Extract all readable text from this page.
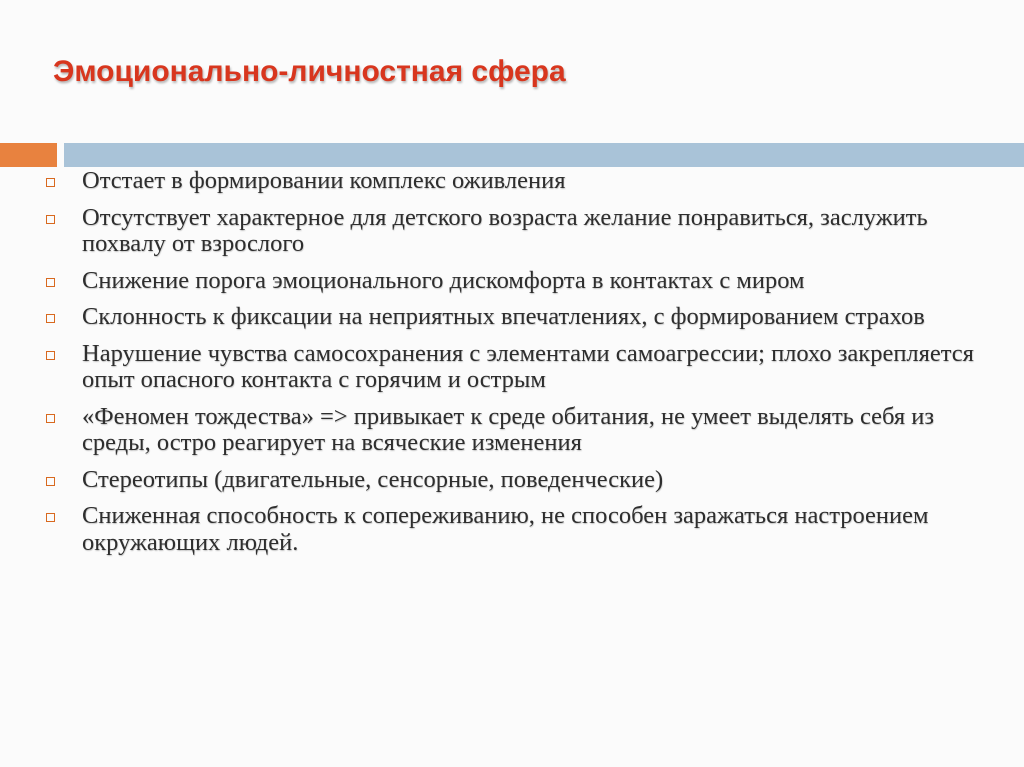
Эмоционально-личностная сфера
Отстает в формировании комплекс оживления
Отсутствует характерное для детского возраста желание понравиться, заслужить похвалу от взрослого
Снижение порога эмоционального дискомфорта в контактах с миром
Склонность к фиксации на неприятных впечатлениях, с формированием страхов
Нарушение чувства самосохранения с элементами самоагрессии; плохо закрепляется опыт опасного контакта с горячим и острым
«Феномен тождества» => привыкает к среде обитания, не умеет выделять себя из среды, остро реагирует на всяческие изменения
Стереотипы (двигательные, сенсорные, поведенческие)
Сниженная способность к сопереживанию, не способен заражаться настроением окружающих людей.
